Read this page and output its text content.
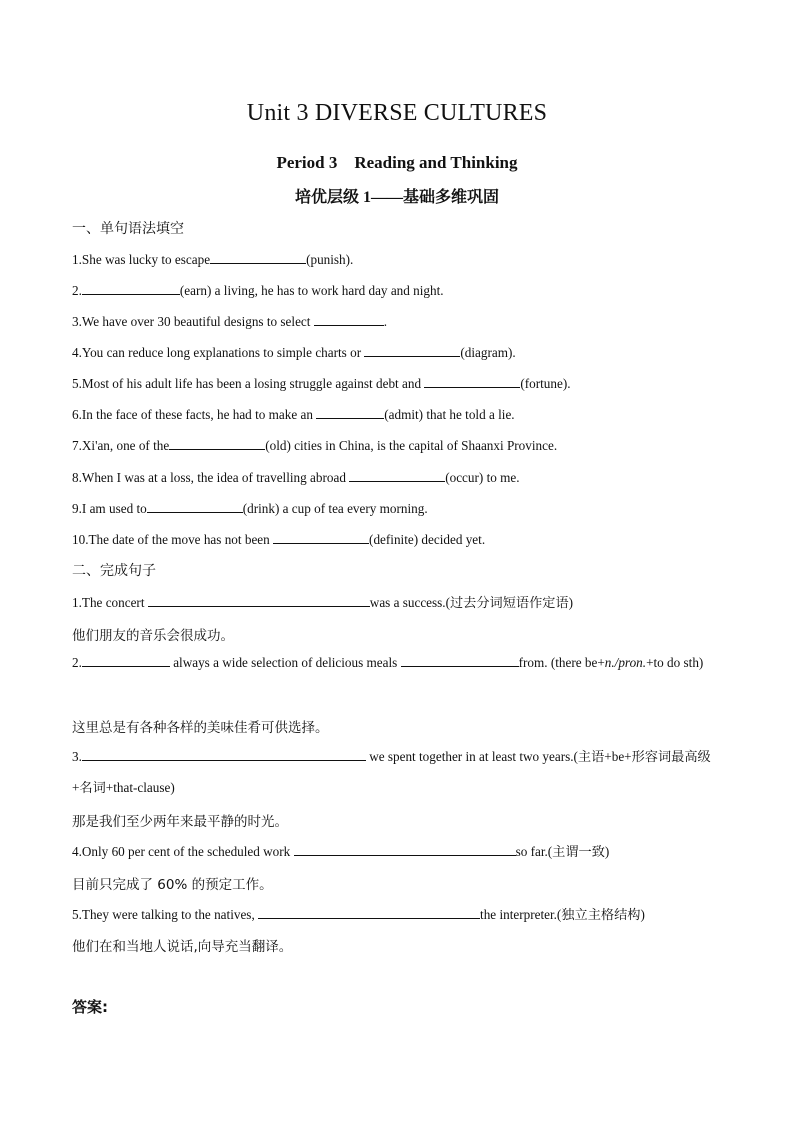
Unit 3 DIVERSE CULTURES
Period 3　Reading and Thinking
培优层级 1——基础多维巩固
一、单句语法填空
1.She was lucky to escape	(punish).
2.	(earn) a living, he has to work hard day and night.
3.We have over 30 beautiful designs to select	.
4.You can reduce long explanations to simple charts or	(diagram).
5.Most of his adult life has been a losing struggle against debt and	(fortune).
6.In the face of these facts, he had to make an	(admit) that he told a lie.
7.Xi'an, one of the	(old) cities in China, is the capital of Shaanxi Province.
8.When I was at a loss, the idea of travelling abroad	(occur) to me.
9.I am used to	(drink) a cup of tea every morning.
10.The date of the move has not been	(definite) decided yet.
二、完成句子
1.The concert	was a success.(过去分词短语作定语)
他们朋友的音乐会很成功。
2.	always a wide selection of delicious meals	from. (there be+n./pron.+to do sth)
这里总是有各种各样的美味佳肴可供选择。
3.	we spent together in at least two years.(主语+be+形容词最高级+名词+that-clause)
那是我们至少两年来最平静的时光。
4.Only 60 per cent of the scheduled work	so far.(主谓一致)
目前只完成了 60% 的预定工作。
5.They were talking to the natives,	the interpreter.(独立主格结构)
他们在和当地人说话,向导充当翻译。
答案:
